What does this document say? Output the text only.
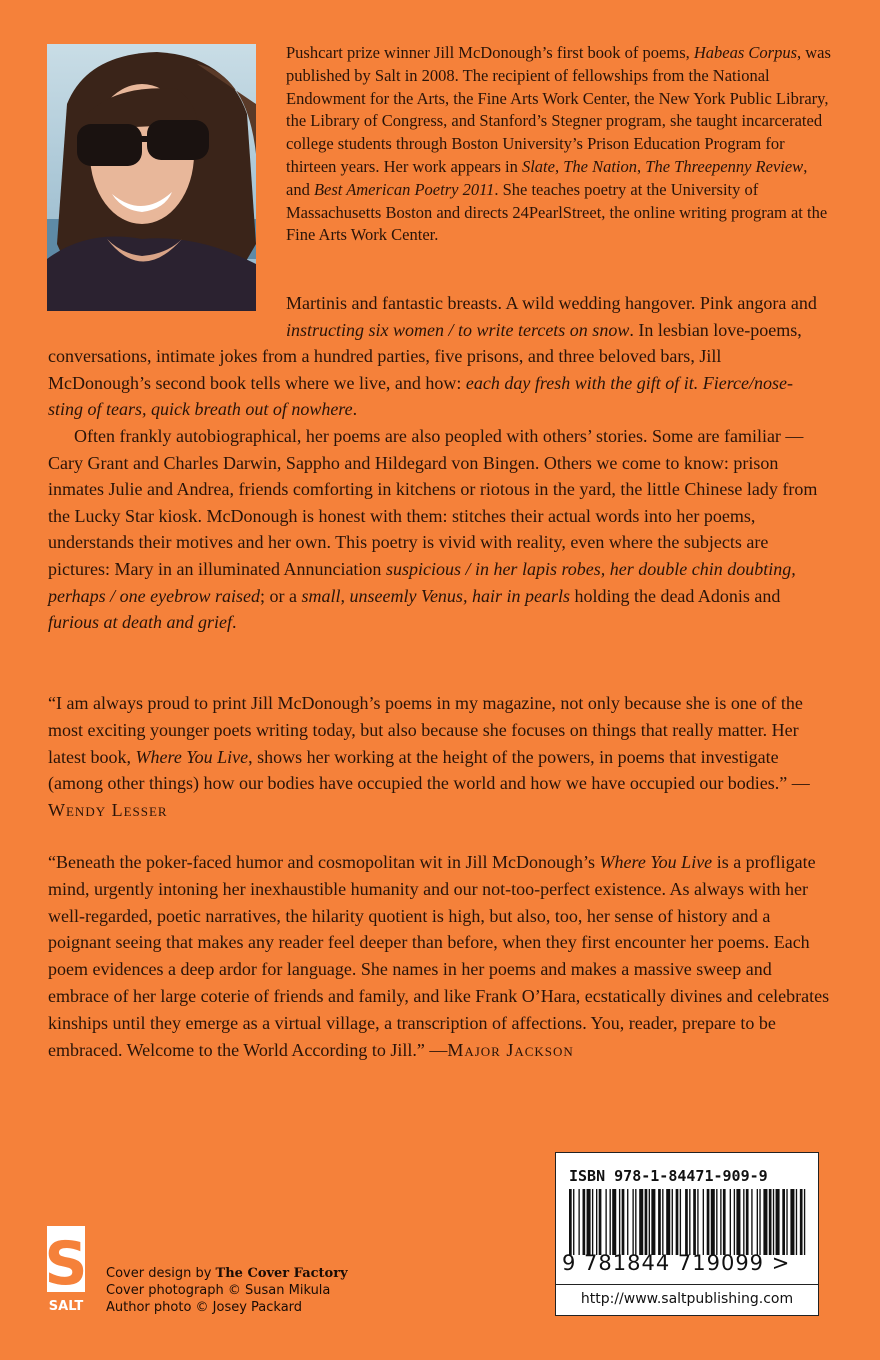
Pushcart prize winner Jill McDonough’s first book of poems, Habeas Corpus, was published by Salt in 2008. The recipient of fellowships from the National Endowment for the Arts, the Fine Arts Work Center, the New York Public Library, the Library of Congress, and Stanford’s Stegner program, she taught incarcerated college students through Boston University’s Prison Education Program for thirteen years. Her work appears in Slate, The Nation, The Threepenny Review, and Best American Poetry 2011. She teaches poetry at the University of Massachusetts Boston and directs 24PearlStreet, the online writing program at the Fine Arts Work Center.

Martinis and fantastic breasts. A wild wedding hangover. Pink angora and instructing six women / to write tercets on snow. In lesbian love-poems, conversations, intimate jokes from a hundred parties, five prisons, and three beloved bars, Jill McDonough’s second book tells where we live, and how: each day fresh with the gift of it. Fierce/nose-sting of tears, quick breath out of nowhere.

Often frankly autobiographical, her poems are also peopled with others’ stories. Some are familiar — Cary Grant and Charles Darwin, Sappho and Hildegard von Bingen. Others we come to know: prison inmates Julie and Andrea, friends comforting in kitchens or riotous in the yard, the little Chinese lady from the Lucky Star kiosk. McDonough is honest with them: stitches their actual words into her poems, understands their motives and her own. This poetry is vivid with reality, even where the subjects are pictures: Mary in an illuminated Annunciation suspicious / in her lapis robes, her double chin doubting, perhaps / one eyebrow raised; or a small, unseemly Venus, hair in pearls holding the dead Adonis and furious at death and grief.

“I am always proud to print Jill McDonough’s poems in my magazine, not only because she is one of the most exciting younger poets writing today, but also because she focuses on things that really matter. Her latest book, Where You Live, shows her working at the height of the powers, in poems that investigate (among other things) how our bodies have occupied the world and how we have occupied our bodies.” —Wendy Lesser
“Beneath the poker-faced humor and cosmopolitan wit in Jill McDonough’s Where You Live is a profligate mind, urgently intoning her inexhaustible humanity and our not-too-perfect existence. As always with her well-regarded, poetic narratives, the hilarity quotient is high, but also, too, her sense of history and a poignant seeing that makes any reader feel deeper than before, when they first encounter her poems. Each poem evidences a deep ardor for language. She names in her poems and makes a massive sweep and embrace of her large coterie of friends and family, and like Frank O’Hara, ecstatically divines and celebrates kinships until they emerge as a virtual village, a transcription of affections. You, reader, prepare to be embraced. Welcome to the World According to Jill.” —Major Jackson
S
SALT
Cover design by The Cover Factory
Cover photograph © Susan Mikula
Author photo © Josey Packard
ISBN 978-1-84471-909-9
9 781844 719099 >
http://www.saltpublishing.com
